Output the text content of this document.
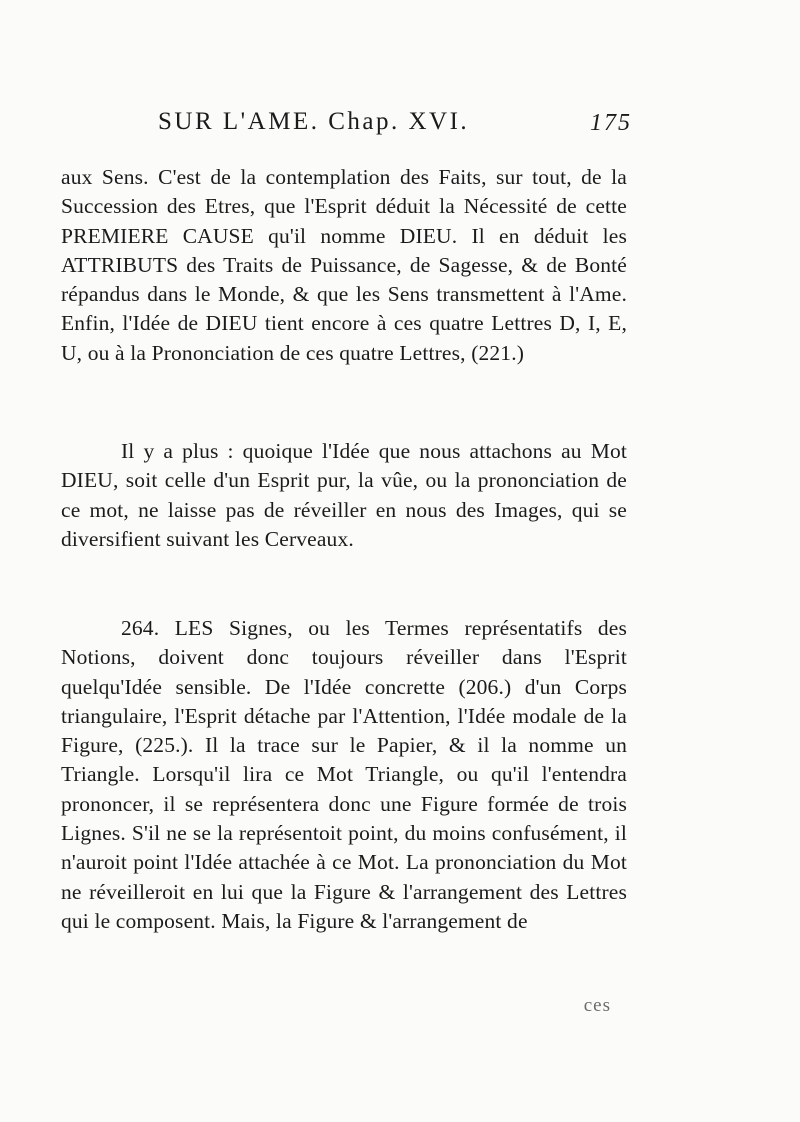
SUR L'AME. Chap. XVI.	175

aux Sens. C'est de la contemplation des Faits, sur tout, de la Succession des Etres, que l'Esprit déduit la Nécessité de cette PREMIERE CAUSE qu'il nomme DIEU. Il en déduit les ATTRIBUTS des Traits de Puissance, de Sagesse, & de Bonté répandus dans le Monde, & que les Sens transmettent à l'Ame. Enfin, l'Idée de DIEU tient encore à ces quatre Lettres D, I, E, U, ou à la Prononciation de ces quatre Lettres, (221.)

Il y a plus : quoique l'Idée que nous attachons au Mot DIEU, soit celle d'un Esprit pur, la vûe, ou la prononciation de ce mot, ne laisse pas de réveiller en nous des Images, qui se diversifient suivant les Cerveaux.

264. LES Signes, ou les Termes représentatifs des Notions, doivent donc toujours réveiller dans l'Esprit quelqu'Idée sensible. De l'Idée concrette (206.) d'un Corps triangulaire, l'Esprit détache par l'Attention, l'Idée modale de la Figure, (225.). Il la trace sur le Papier, & il la nomme un Triangle. Lorsqu'il lira ce Mot Triangle, ou qu'il l'entendra prononcer, il se représentera donc une Figure formée de trois Lignes. S'il ne se la représentoit point, du moins confusément, il n'auroit point l'Idée attachée à ce Mot. La prononciation du Mot ne réveilleroit en lui que la Figure & l'arrangement des Lettres qui le composent. Mais, la Figure & l'arrangement de

ces
